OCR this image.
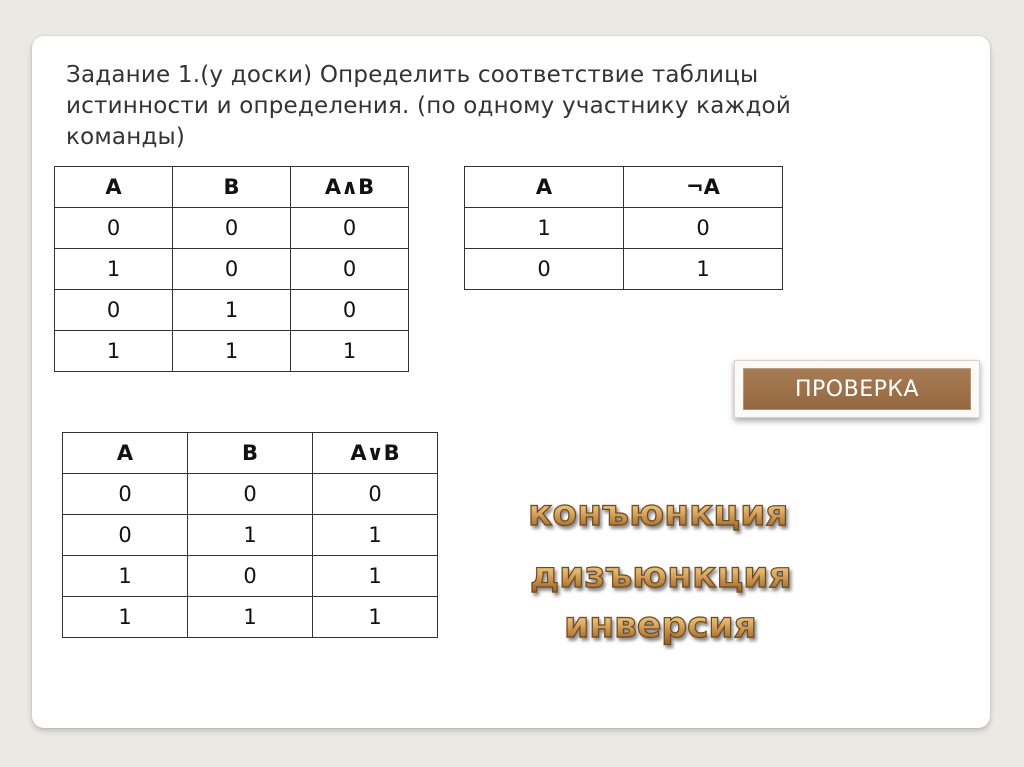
Задание 1.(у доски) Определить соответствие таблицы истинности и определения. (по одному участнику каждой команды)

A	B	A∧B
0	0	0
1	0	0
0	1	0
1	1	1
A	¬A
1	0
0	1
A	B	A∨B
0	0	0
0	1	1
1	0	1
1	1	1
ПРОВЕРКА

конъюнкция

дизъюнкция

инверсия
